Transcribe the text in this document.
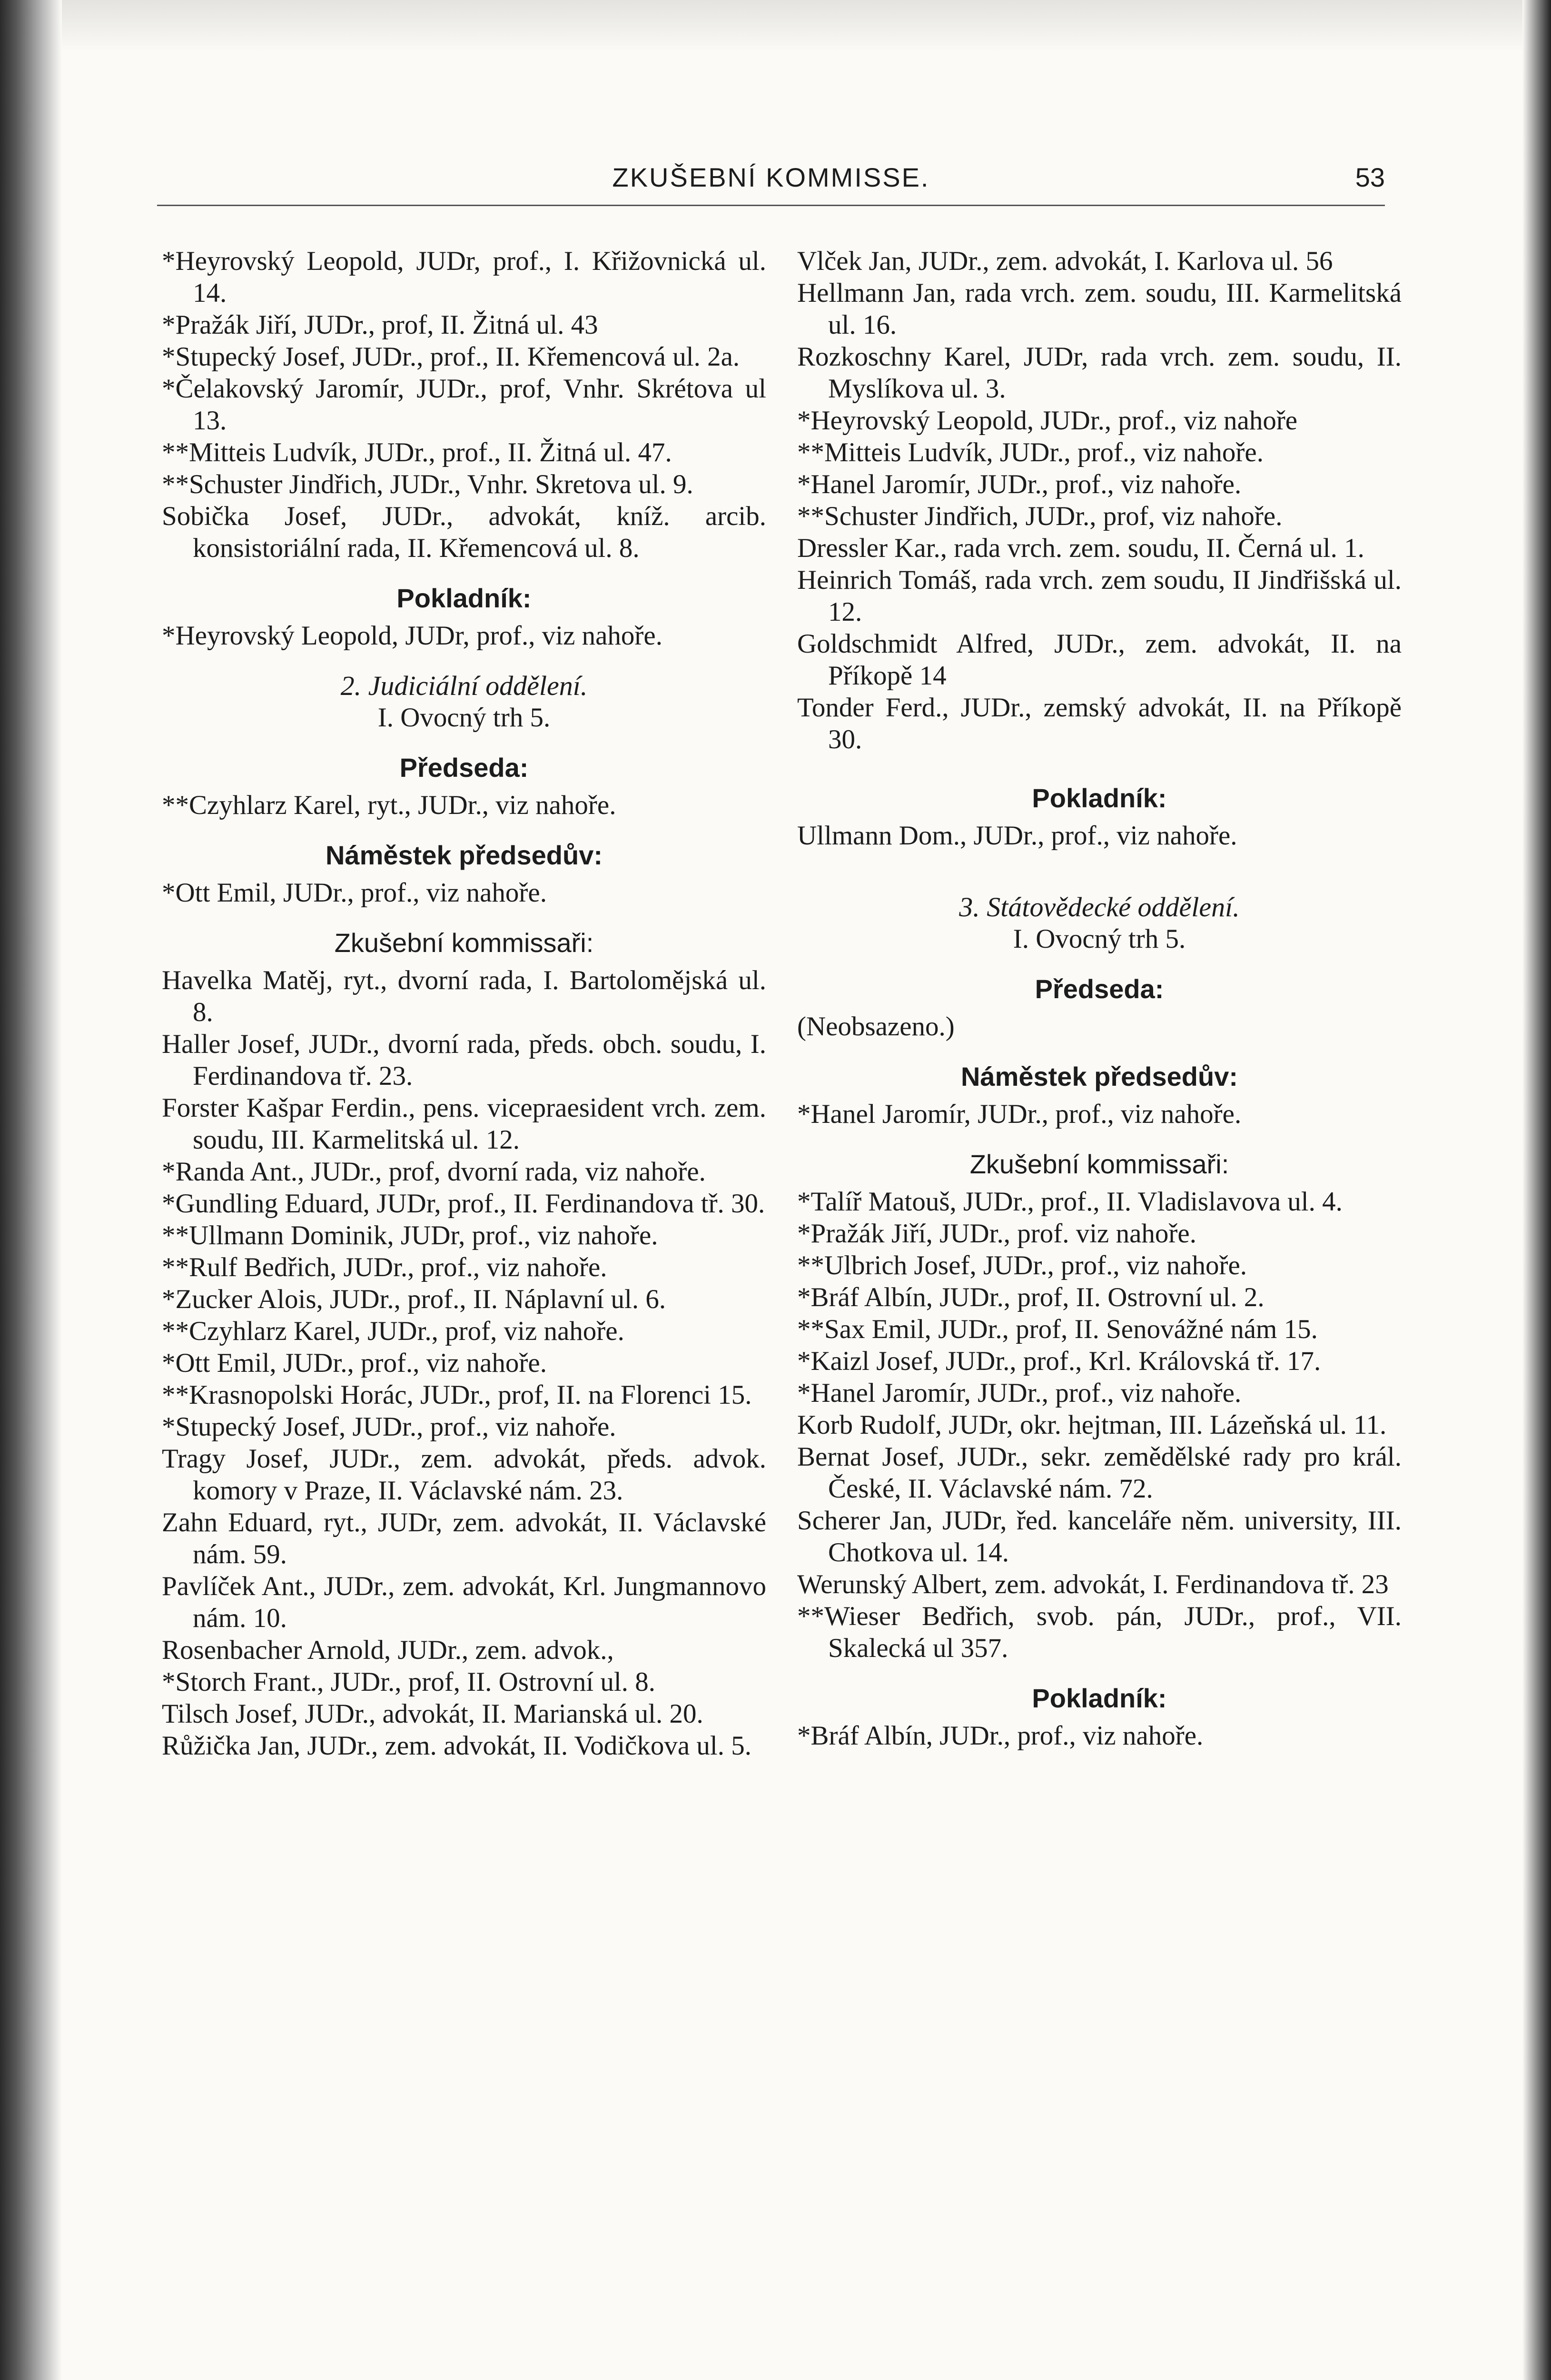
ZKUŠEBNÍ KOMMISSE.	53
*Heyrovský Leopold, JUDr, prof., I. Křižovnická ul. 14.
*Pražák Jiří, JUDr., prof, II. Žitná ul. 43
*Stupecký Josef, JUDr., prof., II. Křemencová ul. 2a.
*Čelakovský Jaromír, JUDr., prof, Vnhr. Skrétova ul 13.
**Mitteis Ludvík, JUDr., prof., II. Žitná ul. 47.
**Schuster Jindřich, JUDr., Vnhr. Skretova ul. 9.
Sobička Josef, JUDr., advokát, kníž. arcib. konsistoriální rada, II. Křemencová ul. 8.
Pokladník:
*Heyrovský Leopold, JUDr, prof., viz nahoře.
2. Judiciální oddělení.
I. Ovocný trh 5.
Předseda:
**Czyhlarz Karel, ryt., JUDr., viz nahoře.
Náměstek předsedův:
*Ott Emil, JUDr., prof., viz nahoře.
Zkušební kommissaři:
Havelka Matěj, ryt., dvorní rada, I. Bartolomějská ul. 8.
Haller Josef, JUDr., dvorní rada, předs. obch. soudu, I. Ferdinandova tř. 23.
Forster Kašpar Ferdin., pens. vicepraesident vrch. zem. soudu, III. Karmelitská ul. 12.
*Randa Ant., JUDr., prof, dvorní rada, viz nahoře.
*Gundling Eduard, JUDr, prof., II. Ferdinandova tř. 30.
**Ullmann Dominik, JUDr, prof., viz nahoře.
**Rulf Bedřich, JUDr., prof., viz nahoře.
*Zucker Alois, JUDr., prof., II. Náplavní ul. 6.
**Czyhlarz Karel, JUDr., prof, viz nahoře.
*Ott Emil, JUDr., prof., viz nahoře.
**Krasnopolski Horác, JUDr., prof, II. na Florenci 15.
*Stupecký Josef, JUDr., prof., viz nahoře.
Tragy Josef, JUDr., zem. advokát, předs. advok. komory v Praze, II. Václavské nám. 23.
Zahn Eduard, ryt., JUDr, zem. advokát, II. Václavské nám. 59.
Pavlíček Ant., JUDr., zem. advokát, Krl. Jungmannovo nám. 10.
Rosenbacher Arnold, JUDr., zem. advok.,
*Storch Frant., JUDr., prof, II. Ostrovní ul. 8.
Tilsch Josef, JUDr., advokát, II. Marianská ul. 20.
Růžička Jan, JUDr., zem. advokát, II. Vodičkova ul. 5.
Vlček Jan, JUDr., zem. advokát, I. Karlova ul. 56
Hellmann Jan, rada vrch. zem. soudu, III. Karmelitská ul. 16.
Rozkoschny Karel, JUDr, rada vrch. zem. soudu, II. Myslíkova ul. 3.
*Heyrovský Leopold, JUDr., prof., viz nahoře
**Mitteis Ludvík, JUDr., prof., viz nahoře.
*Hanel Jaromír, JUDr., prof., viz nahoře.
**Schuster Jindřich, JUDr., prof, viz nahoře.
Dressler Kar., rada vrch. zem. soudu, II. Černá ul. 1.
Heinrich Tomáš, rada vrch. zem soudu, II Jindřišská ul. 12.
Goldschmidt Alfred, JUDr., zem. advokát, II. na Příkopě 14
Tonder Ferd., JUDr., zemský advokát, II. na Příkopě 30.
Pokladník:
Ullmann Dom., JUDr., prof., viz nahoře.
3. Státovědecké oddělení.
I. Ovocný trh 5.
Předseda:
(Neobsazeno.)
Náměstek předsedův:
*Hanel Jaromír, JUDr., prof., viz nahoře.
Zkušební kommissaři:
*Talíř Matouš, JUDr., prof., II. Vladislavova ul. 4.
*Pražák Jiří, JUDr., prof. viz nahoře.
**Ulbrich Josef, JUDr., prof., viz nahoře.
*Bráf Albín, JUDr., prof, II. Ostrovní ul. 2.
**Sax Emil, JUDr., prof, II. Senovážné nám 15.
*Kaizl Josef, JUDr., prof., Krl. Královská tř. 17.
*Hanel Jaromír, JUDr., prof., viz nahoře.
Korb Rudolf, JUDr, okr. hejtman, III. Lázeňská ul. 11.
Bernat Josef, JUDr., sekr. zemědělské rady pro král. České, II. Václavské nám. 72.
Scherer Jan, JUDr, řed. kanceláře něm. university, III. Chotkova ul. 14.
Werunský Albert, zem. advokát, I. Ferdinandova tř. 23
**Wieser Bedřich, svob. pán, JUDr., prof., VII. Skalecká ul 357.
Pokladník:
*Bráf Albín, JUDr., prof., viz nahoře.
